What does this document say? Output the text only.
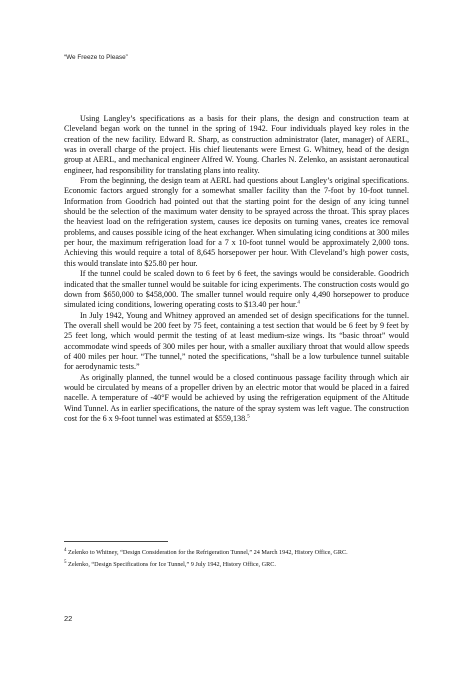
“We Freeze to Please”

Using Langley’s specifications as a basis for their plans, the design and construction team at Cleveland began work on the tunnel in the spring of 1942. Four individuals played key roles in the creation of the new facility. Edward R. Sharp, as construction administrator (later, manager) of AERL, was in overall charge of the project. His chief lieutenants were Ernest G. Whitney, head of the design group at AERL, and mechanical engineer Alfred W. Young. Charles N. Zelenko, an assistant aeronautical engineer, had responsibility for translating plans into reality.

From the beginning, the design team at AERL had questions about Langley’s original specifications. Economic factors argued strongly for a somewhat smaller facility than the 7-foot by 10-foot tunnel. Information from Goodrich had pointed out that the starting point for the design of any icing tunnel should be the selection of the maximum water density to be sprayed across the throat. This spray places the heaviest load on the refrigeration system, causes ice deposits on turning vanes, creates ice removal problems, and causes possible icing of the heat exchanger. When simulating icing conditions at 300 miles per hour, the maximum refrigeration load for a 7 x 10-foot tunnel would be approximately 2,000 tons. Achieving this would require a total of 8,645 horsepower per hour. With Cleveland’s high power costs, this would translate into $25.80 per hour.

If the tunnel could be scaled down to 6 feet by 6 feet, the savings would be considerable. Goodrich indicated that the smaller tunnel would be suitable for icing experiments. The construction costs would go down from $650,000 to $458,000. The smaller tunnel would require only 4,490 horsepower to produce simulated icing conditions, lowering operating costs to $13.40 per hour.$^4$

In July 1942, Young and Whitney approved an amended set of design specifications for the tunnel. The overall shell would be 200 feet by 75 feet, containing a test section that would be 6 feet by 9 feet by 25 feet long, which would permit the testing of at least medium-size wings. Its “basic throat” would accommodate wind speeds of 300 miles per hour, with a smaller auxiliary throat that would allow speeds of 400 miles per hour. “The tunnel,” noted the specifications, “shall be a low turbulence tunnel suitable for aerodynamic tests.”

As originally planned, the tunnel would be a closed continuous passage facility through which air would be circulated by means of a propeller driven by an electric motor that would be placed in a faired nacelle. A temperature of -40°F would be achieved by using the refrigeration equipment of the Altitude Wind Tunnel. As in earlier specifications, the nature of the spray system was left vague. The construction cost for the 6 x 9-foot tunnel was estimated at $559,138.$^5$

$^4$ Zelenko to Whitney, “Design Consideration for the Refrigeration Tunnel,” 24 March 1942, History Office, GRC.

$^5$ Zelenko, “Design Specifications for Ice Tunnel,” 9 July 1942, History Office, GRC.

22
